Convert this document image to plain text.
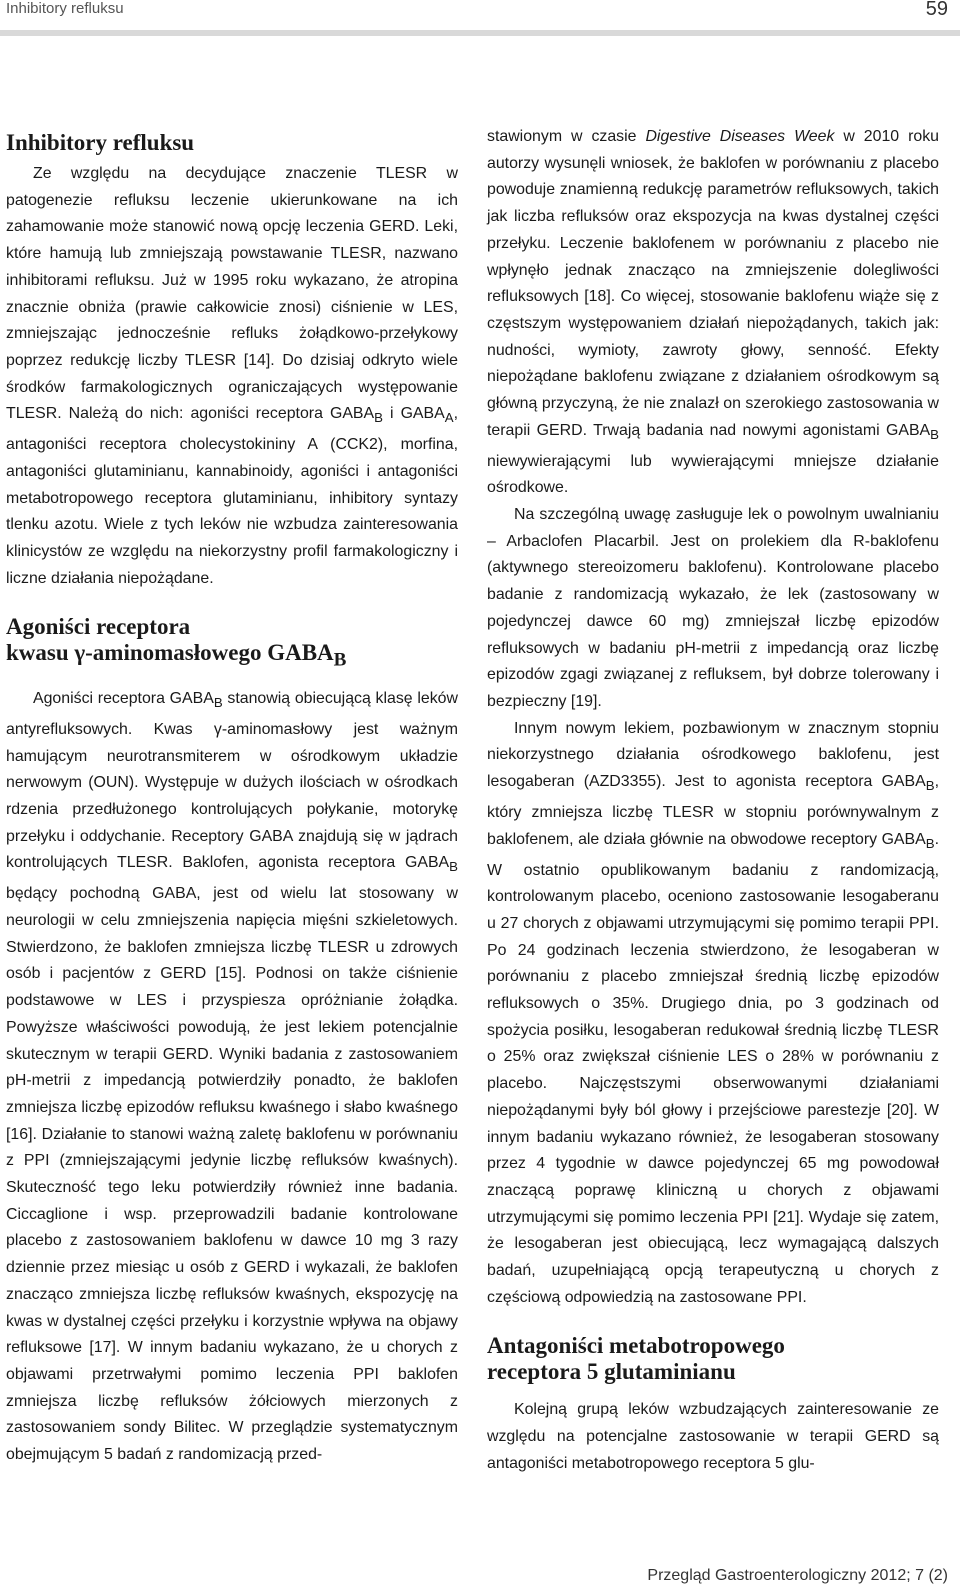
Inhibitory refluksu	59
Inhibitory refluksu

Ze względu na decydujące znaczenie TLESR w patogenezie refluksu leczenie ukierunkowane na ich zahamowanie może stanowić nową opcję leczenia GERD. Leki, które hamują lub zmniejszają powstawanie TLESR, nazwano inhibitorami refluksu. Już w 1995 roku wykazano, że atropina znacznie obniża (prawie całkowicie znosi) ciśnienie w LES, zmniejszając jednocześnie refluks żołądkowo-przełykowy poprzez redukcję liczby TLESR [14]. Do dzisiaj odkryto wiele środków farmakologicznych ograniczających występowanie TLESR. Należą do nich: agoniści receptora $GABA_B$ i $GABA_A$, antagoniści receptora cholecystokininy A (CCK2), morfina, antagoniści glutaminianu, kannabinoidy, agoniści i antagoniści metabotropowego receptora glutaminianu, inhibitory syntazy tlenku azotu. Wiele z tych leków nie wzbudza zainteresowania klinicystów ze względu na niekorzystny profil farmakologiczny i liczne działania niepożądane.

Agoniści receptora
kwasu γ-aminomasłowego $GABA_B$

Agoniści receptora $GABA_B$ stanowią obiecującą klasę leków antyrefluksowych. Kwas γ-aminomasłowy jest ważnym hamującym neurotransmiterem w ośrodkowym układzie nerwowym (OUN). Występuje w dużych ilościach w ośrodkach rdzenia przedłużonego kontrolujących połykanie, motorykę przełyku i oddychanie. Receptory GABA znajdują się w jądrach kontrolujących TLESR. Baklofen, agonista receptora $GABA_B$ będący pochodną GABA, jest od wielu lat stosowany w neurologii w celu zmniejszenia napięcia mięśni szkieletowych. Stwierdzono, że baklofen zmniejsza liczbę TLESR u zdrowych osób i pacjentów z GERD [15]. Podnosi on także ciśnienie podstawowe w LES i przyspiesza opróżnianie żołądka. Powyższe właściwości powodują, że jest lekiem potencjalnie skutecznym w terapii GERD. Wyniki badania z zastosowaniem pH-metrii z impedancją potwierdziły ponadto, że baklofen zmniejsza liczbę epizodów refluksu kwaśnego i słabo kwaśnego [16]. Działanie to stanowi ważną zaletę baklofenu w porównaniu z PPI (zmniejszającymi jedynie liczbę refluksów kwaśnych). Skuteczność tego leku potwierdziły również inne badania. Ciccaglione i wsp. przeprowadzili badanie kontrolowane placebo z zastosowaniem baklofenu w dawce 10 mg 3 razy dziennie przez miesiąc u osób z GERD i wykazali, że baklofen znacząco zmniejsza liczbę refluksów kwaśnych, ekspozycję na kwas w dystalnej części przełyku i korzystnie wpływa na objawy refluksowe [17]. W innym badaniu wykazano, że u chorych z objawami przetrwałymi pomimo leczenia PPI baklofen zmniejsza liczbę refluksów żółciowych mierzonych z zastosowaniem sondy Bilitec. W przeglądzie systematycznym obejmującym 5 badań z randomizacją przed-

stawionym w czasie Digestive Diseases Week w 2010 roku autorzy wysunęli wniosek, że baklofen w porównaniu z placebo powoduje znamienną redukcję parametrów refluksowych, takich jak liczba refluksów oraz ekspozycja na kwas dystalnej części przełyku. Leczenie baklofenem w porównaniu z placebo nie wpłynęło jednak znacząco na zmniejszenie dolegliwości refluksowych [18]. Co więcej, stosowanie baklofenu wiąże się z częstszym występowaniem działań niepożądanych, takich jak: nudności, wymioty, zawroty głowy, senność. Efekty niepożądane baklofenu związane z działaniem ośrodkowym są główną przyczyną, że nie znalazł on szerokiego zastosowania w terapii GERD. Trwają badania nad nowymi agonistami $GABA_B$ niewywierającymi lub wywierającymi mniejsze działanie ośrodkowe.

Na szczególną uwagę zasługuje lek o powolnym uwalnianiu – Arbaclofen Placarbil. Jest on prolekiem dla R-baklofenu (aktywnego stereoizomeru baklofenu). Kontrolowane placebo badanie z randomizacją wykazało, że lek (zastosowany w pojedynczej dawce 60 mg) zmniejszał liczbę epizodów refluksowych w badaniu pH-metrii z impedancją oraz liczbę epizodów zgagi związanej z refluksem, był dobrze tolerowany i bezpieczny [19].

Innym nowym lekiem, pozbawionym w znacznym stopniu niekorzystnego działania ośrodkowego baklofenu, jest lesogaberan (AZD3355). Jest to agonista receptora $GABA_B$, który zmniejsza liczbę TLESR w stopniu porównywalnym z baklofenem, ale działa głównie na obwodowe receptory $GABA_B$. W ostatnio opublikowanym badaniu z randomizacją, kontrolowanym placebo, oceniono zastosowanie lesogaberanu u 27 chorych z objawami utrzymującymi się pomimo terapii PPI. Po 24 godzinach leczenia stwierdzono, że lesogaberan w porównaniu z placebo zmniejszał średnią liczbę epizodów refluksowych o 35%. Drugiego dnia, po 3 godzinach od spożycia posiłku, lesogaberan redukował średnią liczbę TLESR o 25% oraz zwiększał ciśnienie LES o 28% w porównaniu z placebo. Najczęstszymi obserwowanymi działaniami niepożądanymi były ból głowy i przejściowe parestezje [20]. W innym badaniu wykazano również, że lesogaberan stosowany przez 4 tygodnie w dawce pojedynczej 65 mg powodował znaczącą poprawę kliniczną u chorych z objawami utrzymującymi się pomimo leczenia PPI [21]. Wydaje się zatem, że lesogaberan jest obiecującą, lecz wymagającą dalszych badań, uzupełniającą opcją terapeutyczną u chorych z częściową odpowiedzią na zastosowane PPI.

Antagoniści metabotropowego
receptora 5 glutaminianu

Kolejną grupą leków wzbudzających zainteresowanie ze względu na potencjalne zastosowanie w terapii GERD są antagoniści metabotropowego receptora 5 glu-

Przegląd Gastroenterologiczny 2012; 7 (2)
